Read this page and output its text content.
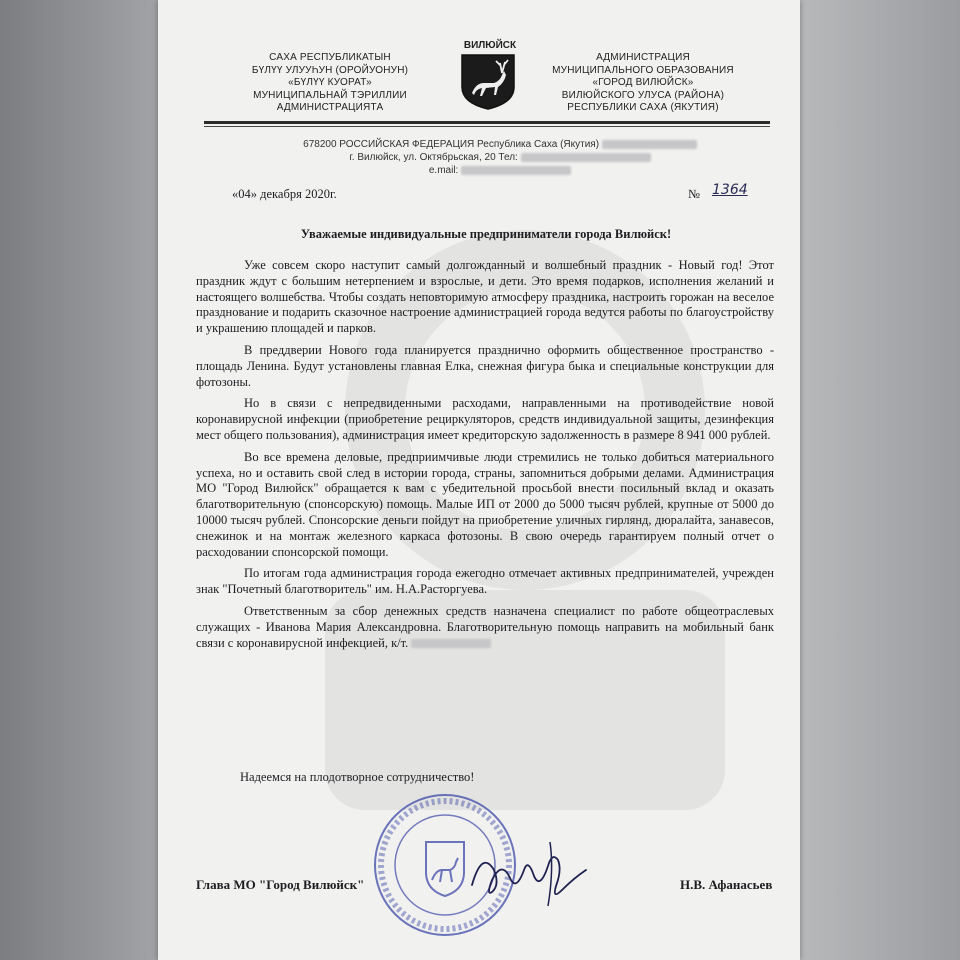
САХА РЕСПУБЛИКАТЫН
БҮЛҮҮ УЛУУҺУН (ОРОЙУОНУН)
«БҮЛҮҮ КУОРАТ»
МУНИЦИПАЛЬНАЙ ТЭРИЛЛИИ
АДМИНИСТРАЦИЯТА
ВИЛЮЙСК
АДМИНИСТРАЦИЯ
МУНИЦИПАЛЬНОГО ОБРАЗОВАНИЯ
«ГОРОД ВИЛЮЙСК»
ВИЛЮЙСКОГО УЛУСА (РАЙОНА)
РЕСПУБЛИКИ САХА (ЯКУТИЯ)
678200 РОССИЙСКАЯ ФЕДЕРАЦИЯ Республика Саха (Якутия)
г. Вилюйск, ул. Октябрьская, 20 Тел:
e.mail:
«04» декабря 2020г.	№ 1364
Уважаемые индивидуальные предприниматели города Вилюйск!

Уже совсем скоро наступит самый долгожданный и волшебный праздник - Новый год! Этот праздник ждут с большим нетерпением и взрослые, и дети. Это время подарков, исполнения желаний и настоящего волшебства. Чтобы создать неповторимую атмосферу праздника, настроить горожан на веселое празднование и подарить сказочное настроение администрацией города ведутся работы по благоустройству и украшению площадей и парков.

В преддверии Нового года планируется празднично оформить общественное пространство - площадь Ленина. Будут установлены главная Елка, снежная фигура быка и специальные конструкции для фотозоны.

Но в связи с непредвиденными расходами, направленными на противодействие новой коронавирусной инфекции (приобретение рециркуляторов, средств индивидуальной защиты, дезинфекция мест общего пользования), администрация имеет кредиторскую задолженность в размере 8 941 000 рублей.

Во все времена деловые, предприимчивые люди стремились не только добиться материального успеха, но и оставить свой след в истории города, страны, запомниться добрыми делами. Администрация МО "Город Вилюйск" обращается к вам с убедительной просьбой внести посильный вклад и оказать благотворительную (спонсорскую) помощь. Малые ИП от 2000 до 5000 тысяч рублей, крупные от 5000 до 10000 тысяч рублей. Спонсорские деньги пойдут на приобретение уличных гирлянд, дюралайта, занавесов, снежинок и на монтаж железного каркаса фотозоны. В свою очередь гарантируем полный отчет о расходовании спонсорской помощи.

По итогам года администрация города ежегодно отмечает активных предпринимателей, учрежден знак "Почетный благотворитель" им. Н.А.Расторгуева.

Ответственным за сбор денежных средств назначена специалист по работе общеотраслевых служащих - Иванова Мария Александровна. Благотворительную помощь направить на мобильный банк связи с коронавирусной инфекцией, к/т.

Надеемся на плодотворное сотрудничество!
Глава МО "Город Вилюйск"	Н.В. Афанасьев
